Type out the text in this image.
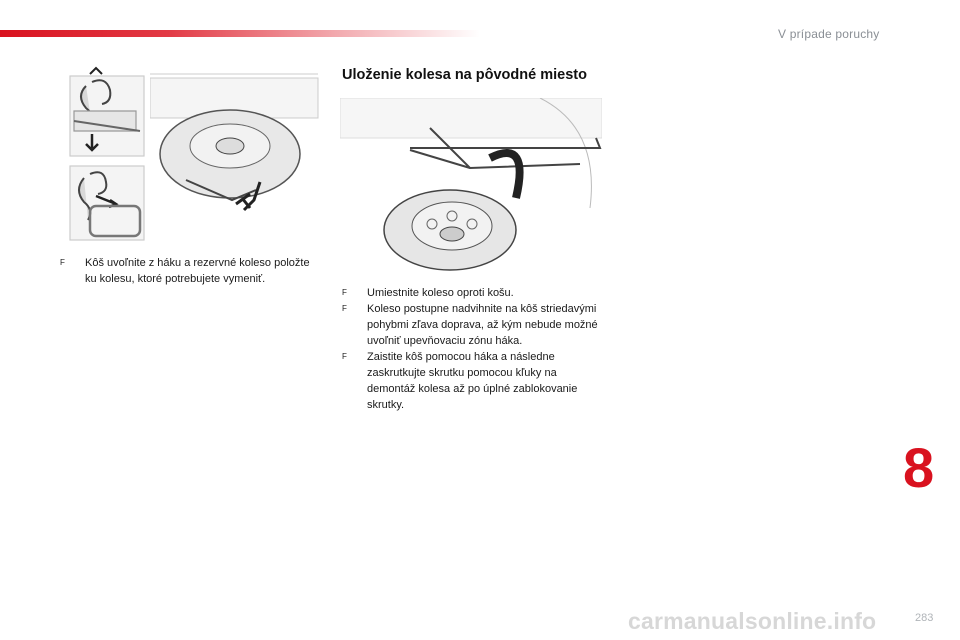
V prípade poruchy
F Kôš uvoľnite z háku a rezervné koleso položte ku kolesu, ktoré potrebujete vymeniť.
Uloženie kolesa na pôvodné miesto
F Umiestnite koleso oproti košu.
F Koleso postupne nadvihnite na kôš striedavými pohybmi zľava doprava, až kým nebude možné uvoľniť upevňovaciu zónu háka.
F Zaistite kôš pomocou háka a následne zaskrutkujte skrutku pomocou kľuky na demontáž kolesa až po úplné zablokovanie skrutky.
8
carmanualsonline.info	283
